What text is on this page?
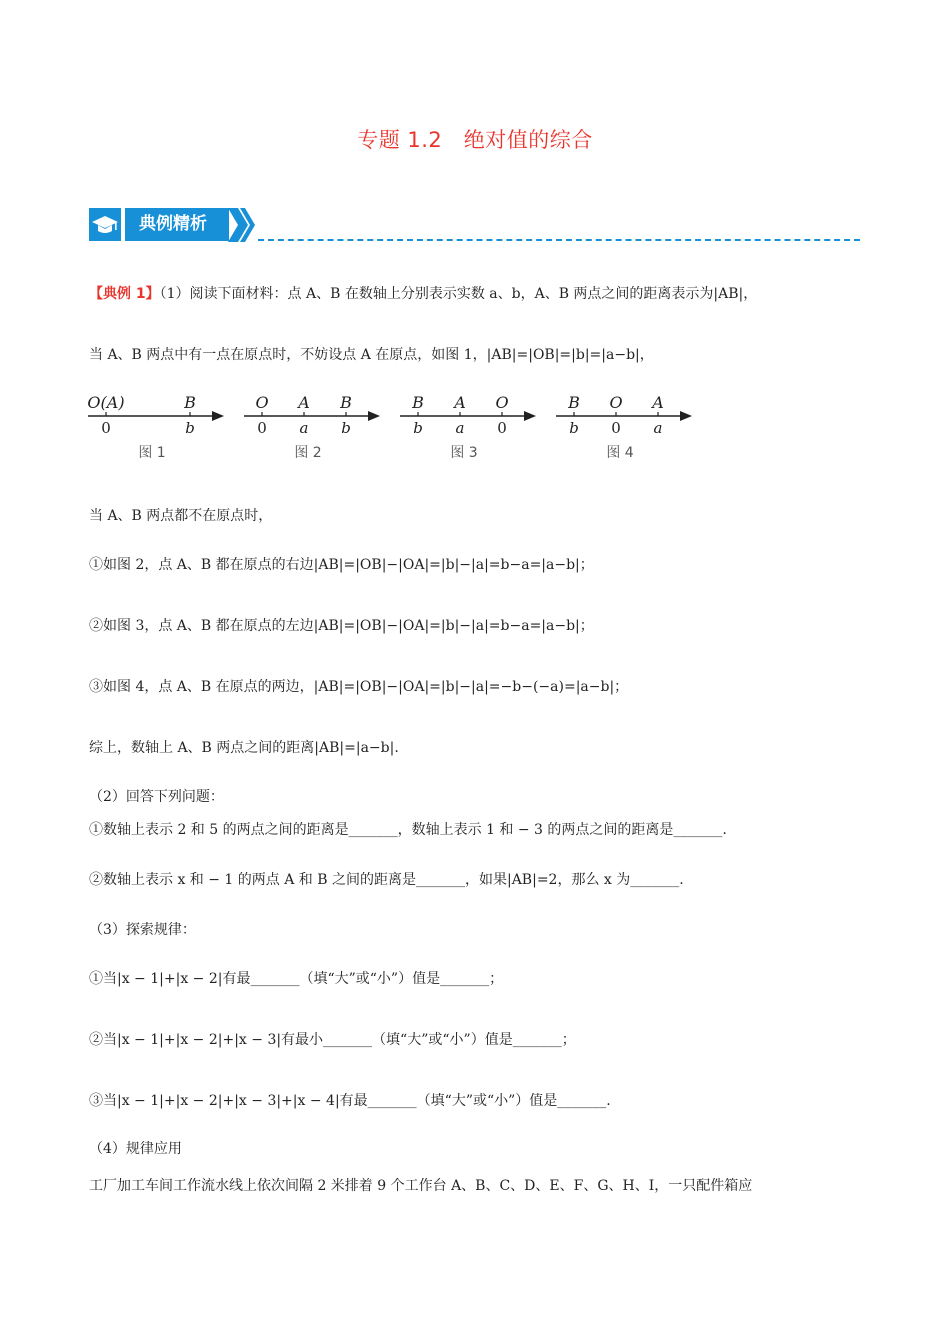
专题 1.2　绝对值的综合
典例精析
【典例 1】（1）阅读下面材料：点 A、B 在数轴上分别表示实数 a、b，A、B 两点之间的距离表示为|AB|，
当 A、B 两点中有一点在原点时，不妨设点 A 在原点，如图 1，|AB|=|OB|=|b|=|a−b|，
O(A)
0
B
b
图 1
O
0
A
a
B
b
图 2
B
b
A
a
O
0
图 3
B
b
O
0
A
a
图 4
当 A、B 两点都不在原点时，
①如图 2，点 A、B 都在原点的右边|AB|=|OB|−|OA|=|b|−|a|=b−a=|a−b|；
②如图 3，点 A、B 都在原点的左边|AB|=|OB|−|OA|=|b|−|a|=b−a=|a−b|；
③如图 4，点 A、B 在原点的两边，|AB|=|OB|−|OA|=|b|−|a|=−b−(−a)=|a−b|；
综上，数轴上 A、B 两点之间的距离|AB|=|a−b|.
（2）回答下列问题：
①数轴上表示 2 和 5 的两点之间的距离是_______，数轴上表示 1 和 − 3 的两点之间的距离是_______.
②数轴上表示 x 和 − 1 的两点 A 和 B 之间的距离是_______，如果|AB|=2，那么 x 为_______.
（3）探索规律：
①当|x − 1|+|x − 2|有最_______（填“大”或“小”）值是_______；
②当|x − 1|+|x − 2|+|x − 3|有最小_______（填“大”或“小”）值是_______；
③当|x − 1|+|x − 2|+|x − 3|+|x − 4|有最_______（填“大”或“小”）值是_______.
（4）规律应用
工厂加工车间工作流水线上依次间隔 2 米排着 9 个工作台 A、B、C、D、E、F、G、H、I，一只配件箱应
